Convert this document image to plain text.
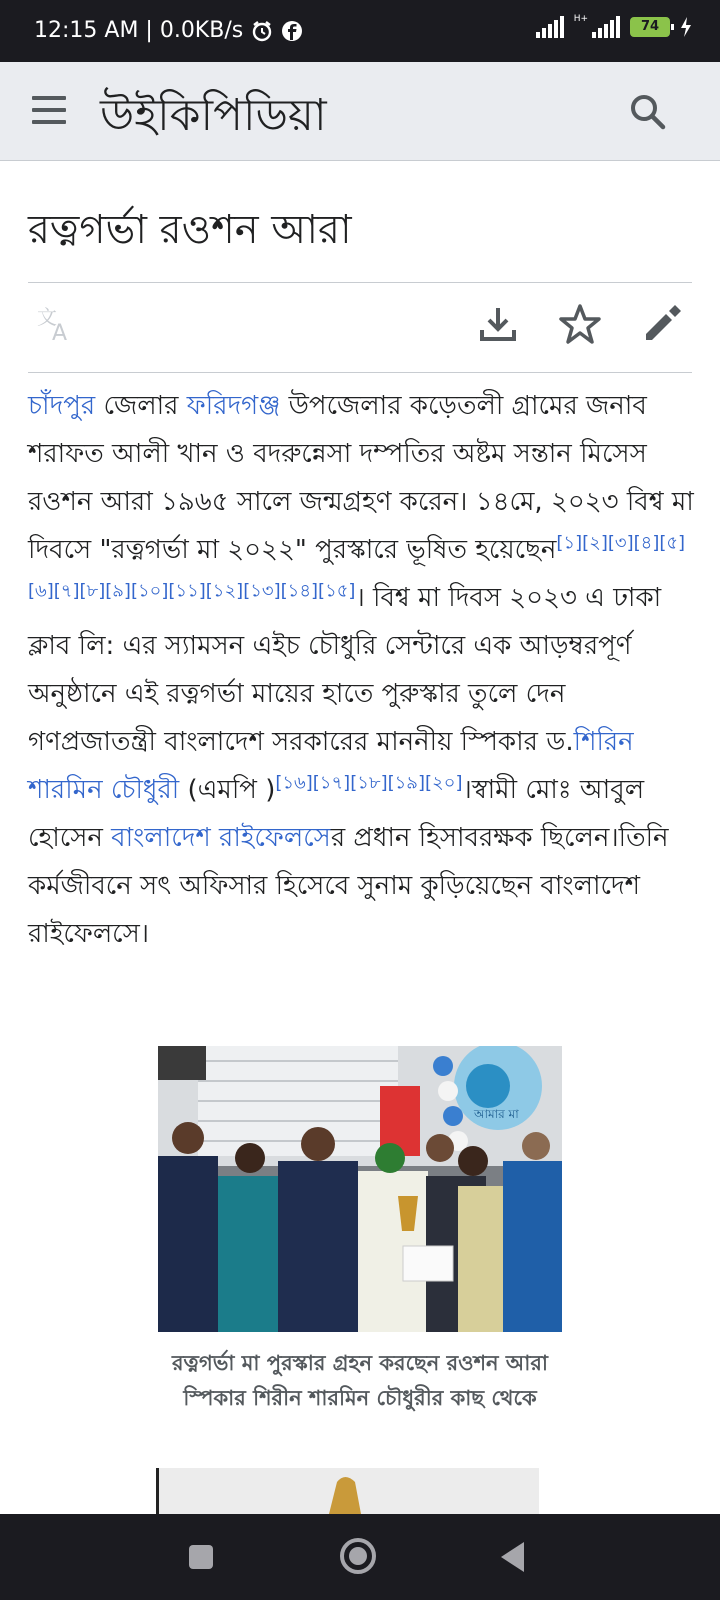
12:15 AM | 0.0KB/s	H+	74
উইকিপিডিয়া
রত্নগর্ভা রওশন আরা
文
A
চাঁদপুর জেলার ফরিদগঞ্জ উপজেলার কড়েতলী গ্রামের জনাব শরাফত আলী খান ও বদরুন্নেসা দম্পতির অষ্টম সন্তান মিসেস রওশন আরা ১৯৬৫ সালে জন্মগ্রহণ করেন। ১৪মে, ২০২৩ বিশ্ব মা দিবসে "রত্নগর্ভা মা ২০২২" পুরস্কারে ভূষিত হয়েছেন[১][২][৩][৪][৫][৬][৭][৮][৯][১০][১১][১২][১৩][১৪][১৫]। বিশ্ব মা দিবস ২০২৩ এ ঢাকা ক্লাব লি: এর স্যামসন এইচ চৌধুরি সেন্টারে এক আড়ম্বরপূর্ণ অনুষ্ঠানে এই রত্নগর্ভা মায়ের হাতে পুরুস্কার তুলে দেন গণপ্রজাতন্ত্রী বাংলাদেশ সরকারের মাননীয় স্পিকার ড.শিরিন শারমিন চৌধুরী (এমপি )[১৬][১৭][১৮][১৯][২০]।স্বামী মোঃ আবুল হোসেন বাংলাদেশ রাইফেলসের প্রধান হিসাবরক্ষক ছিলেন।তিনি কর্মজীবনে সৎ অফিসার হিসেবে সুনাম কুড়িয়েছেন বাংলাদেশ রাইফেলসে।
আমার মা
রত্নগর্ভা মা পুরস্কার গ্রহন করছেন রওশন আরা স্পিকার শিরীন শারমিন চৌধুরীর কাছ থেকে
